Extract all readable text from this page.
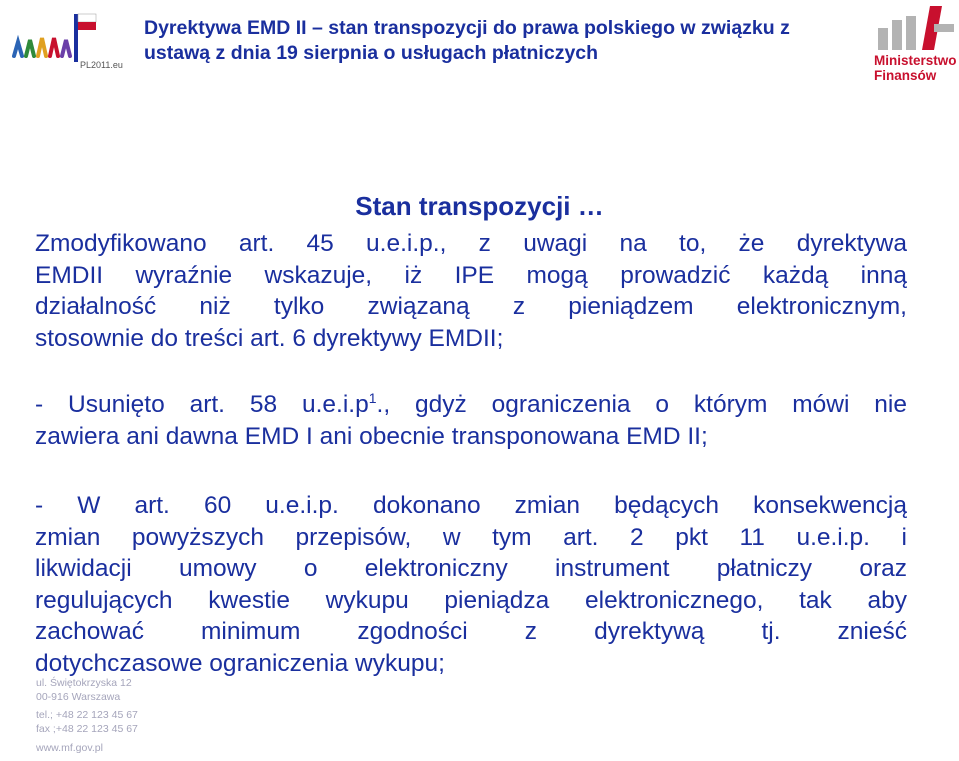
PL2011.eu
Dyrektywa EMD II – stan transpozycji do prawa polskiego w związku z
ustawą z dnia 19 sierpnia o usługach płatniczych	Ministerstwo
Finansów
Stan transpozycji …
Zmodyfikowano art. 45 u.e.i.p., z uwagi na to, że dyrektywa
EMDII wyraźnie wskazuje, iż IPE mogą prowadzić każdą inną
działalność niż tylko związaną z pieniądzem elektronicznym,
stosownie do treści art. 6 dyrektywy EMDII;
- Usunięto art. 58 $u.e.i.p^1$., gdyż ograniczenia o którym mówi nie
zawiera ani dawna EMD I ani obecnie transponowana EMD II;
- W art. 60 u.e.i.p. dokonano zmian będących konsekwencją
zmian powyższych przepisów, w tym art. 2 pkt 11 u.e.i.p. i
likwidacji umowy o elektroniczny instrument płatniczy oraz
regulujących kwestie wykupu pieniądza elektronicznego, tak aby
zachować minimum zgodności z dyrektywą tj. znieść
dotychczasowe ograniczenia wykupu;
ul. Świętokrzyska 12
00-916 Warszawa
tel.; +48 22 123 45 67
fax ;+48 22 123 45 67
www.mf.gov.pl
